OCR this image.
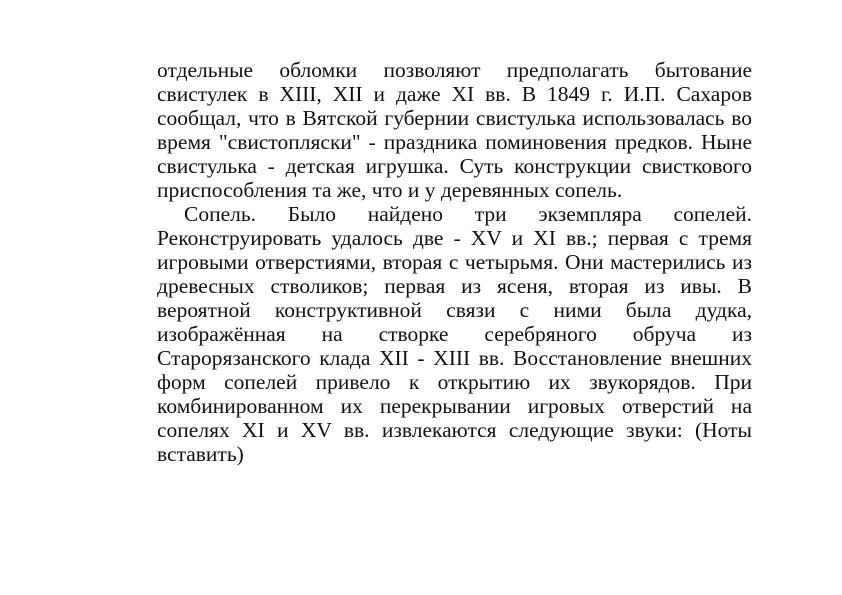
отдельные обломки позволяют предполагать бытование
свистулек в XIII, XII и даже XI вв. В 1849 г. И.П. Сахаров
сообщал, что в Вятской губернии свистулька использовалась во
время "свистопляски" - праздника поминовения предков. Ныне
свистулька - детская игрушка. Суть конструкции свисткового
приспособления та же, что и у деревянных сопель.
Сопель. Было найдено три экземпляра сопелей.
Реконструировать удалось две - XV и XI вв.; первая с тремя
игровыми отверстиями, вторая с четырьмя. Они мастерились из
древесных стволиков; первая из ясеня, вторая из ивы. В
вероятной конструктивной связи с ними была дудка,
изображённая на створке серебряного обруча из
Старорязанского клада XII - XIII вв. Восстановление внешних
форм сопелей привело к открытию их звукорядов. При
комбинированном их перекрывании игровых отверстий на
сопелях XI и XV вв. извлекаются следующие звуки: (Ноты
вставить)
